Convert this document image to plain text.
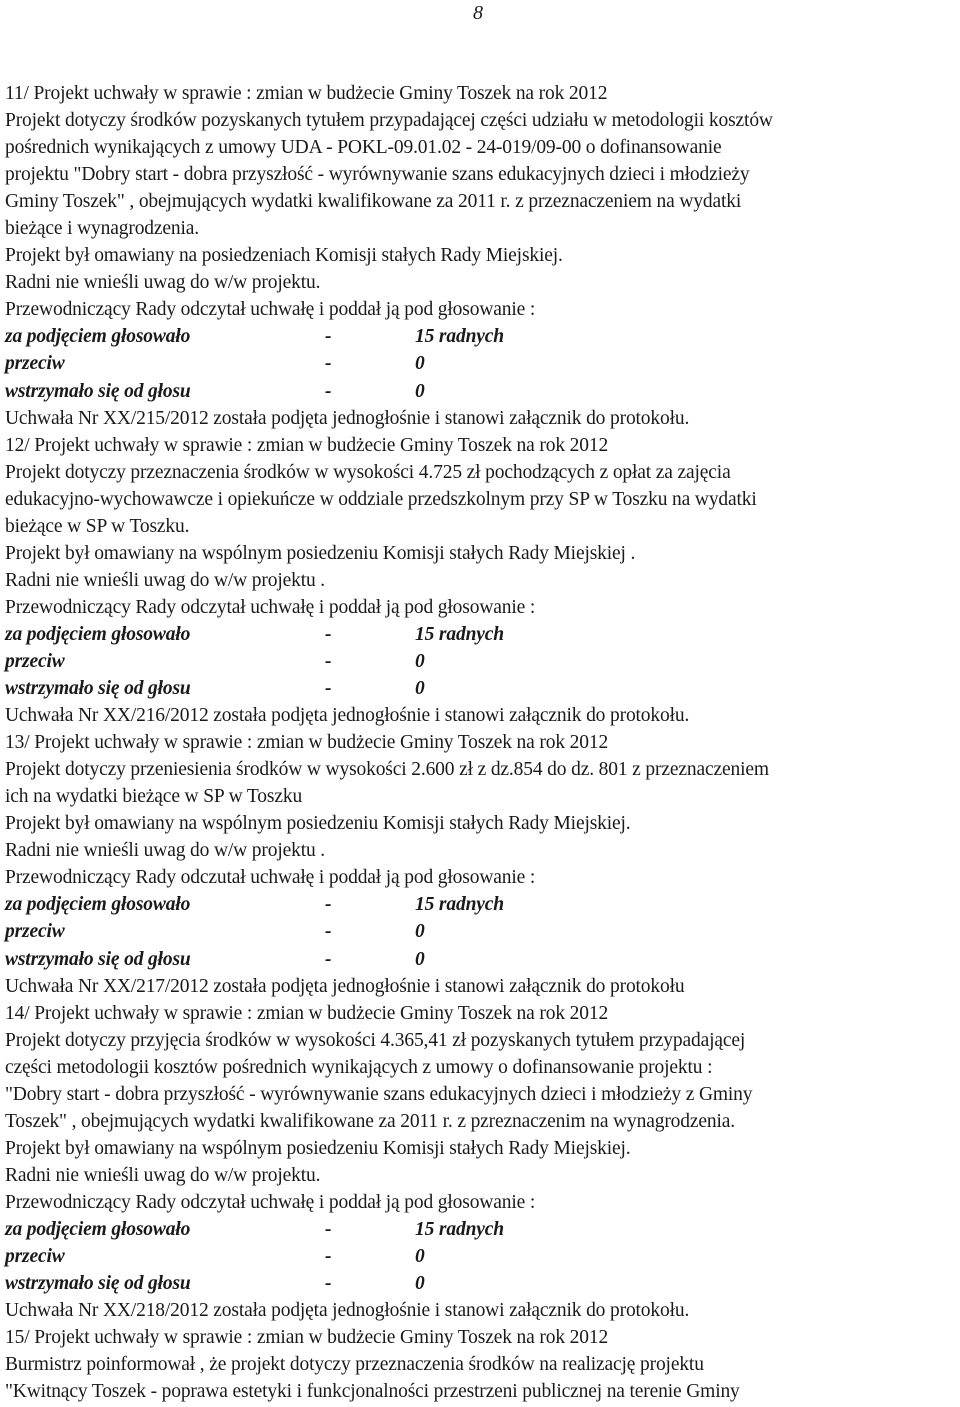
8
11/ Projekt uchwały w sprawie : zmian w budżecie Gminy Toszek na rok 2012
Projekt dotyczy środków pozyskanych tytułem przypadającej części udziału w metodologii kosztów
pośrednich wynikających z umowy UDA - POKL-09.01.02 - 24-019/09-00 o dofinansowanie
projektu "Dobry start - dobra przyszłość - wyrównywanie szans edukacyjnych dzieci i młodzieży
Gminy Toszek" , obejmujących wydatki kwalifikowane za 2011 r. z przeznaczeniem na wydatki
bieżące i wynagrodzenia.
Projekt był omawiany na posiedzeniach Komisji stałych Rady Miejskiej.
Radni nie wnieśli uwag do w/w projektu.
Przewodniczący Rady odczytał uchwałę i poddał ją pod głosowanie :
za podjęciem głosowało	-	15 radnych
przeciw	-	0
wstrzymało się od głosu	-	0
Uchwała Nr XX/215/2012 została podjęta jednogłośnie i stanowi załącznik do protokołu.
12/ Projekt uchwały w sprawie : zmian w budżecie Gminy Toszek na rok 2012
Projekt dotyczy przeznaczenia środków w wysokości 4.725 zł pochodzących z opłat za zajęcia
edukacyjno-wychowawcze i opiekuńcze w oddziale przedszkolnym przy SP w Toszku na wydatki
bieżące w SP w Toszku.
Projekt był omawiany na wspólnym posiedzeniu Komisji stałych Rady Miejskiej .
Radni nie wnieśli uwag do w/w projektu .
Przewodniczący Rady odczytał uchwałę i poddał ją pod głosowanie :
za podjęciem głosowało	-	15 radnych
przeciw	-	0
wstrzymało się od głosu	-	0
Uchwała Nr XX/216/2012 została podjęta jednogłośnie i stanowi załącznik do protokołu.
13/ Projekt uchwały w sprawie : zmian w budżecie Gminy Toszek na rok 2012
Projekt dotyczy przeniesienia środków w wysokości 2.600 zł z dz.854 do dz. 801 z przeznaczeniem
ich na wydatki bieżące w SP w Toszku
Projekt był omawiany na wspólnym posiedzeniu Komisji stałych Rady Miejskiej.
Radni nie wnieśli uwag do w/w projektu .
Przewodniczący Rady odczutał uchwałę i poddał ją pod głosowanie :
za podjęciem głosowało	-	15 radnych
przeciw	-	0
wstrzymało się od głosu	-	0
Uchwała Nr XX/217/2012 została podjęta jednogłośnie i stanowi załącznik do protokołu
14/ Projekt uchwały w sprawie : zmian w budżecie Gminy Toszek na rok 2012
Projekt dotyczy przyjęcia środków w wysokości 4.365,41 zł pozyskanych tytułem przypadającej
części metodologii kosztów pośrednich wynikających z umowy o dofinansowanie projektu :
"Dobry start - dobra przyszłość - wyrównywanie szans edukacyjnych dzieci i młodzieży z Gminy
Toszek" , obejmujących wydatki kwalifikowane za 2011 r. z pzreznaczenim na wynagrodzenia.
Projekt był omawiany na wspólnym posiedzeniu Komisji stałych Rady Miejskiej.
Radni nie wnieśli uwag do w/w projektu.
Przewodniczący Rady odczytał uchwałę i poddał ją pod głosowanie :
za podjęciem głosowało	-	15 radnych
przeciw	-	0
wstrzymało się od głosu	-	0
Uchwała Nr XX/218/2012 została podjęta jednogłośnie i stanowi załącznik do protokołu.
15/ Projekt uchwały w sprawie : zmian w budżecie Gminy Toszek na rok 2012
Burmistrz poinformował , że projekt dotyczy przeznaczenia środków na realizację projektu
"Kwitnący Toszek - poprawa estetyki i funkcjonalności przestrzeni publicznej na terenie Gminy
